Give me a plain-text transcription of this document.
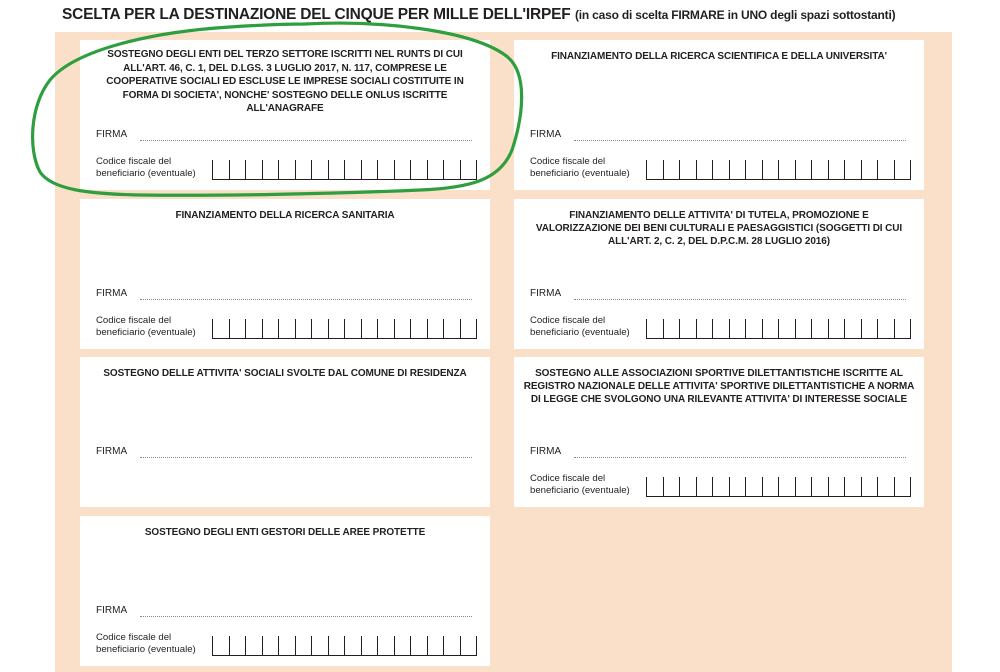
SCELTA PER LA DESTINAZIONE DEL CINQUE PER MILLE DELL'IRPEF (in caso di scelta FIRMARE in UNO degli spazi sottostanti)
SOSTEGNO DEGLI ENTI DEL TERZO SETTORE ISCRITTI NEL RUNTS DI CUI ALL'ART. 46, C. 1, DEL D.LGS. 3 LUGLIO 2017, N. 117, COMPRESE LE COOPERATIVE SOCIALI ED ESCLUSE LE IMPRESE SOCIALI COSTITUITE IN FORMA DI SOCIETA', NONCHE' SOSTEGNO DELLE ONLUS ISCRITTE ALL'ANAGRAFE
FIRMA
Codice fiscale del
beneficiario (eventuale)
FINANZIAMENTO DELLA RICERCA SCIENTIFICA E DELLA UNIVERSITA'
FIRMA
Codice fiscale del
beneficiario (eventuale)
FINANZIAMENTO DELLA RICERCA SANITARIA
FIRMA
Codice fiscale del
beneficiario (eventuale)
FINANZIAMENTO DELLE ATTIVITA' DI TUTELA, PROMOZIONE E VALORIZZAZIONE DEI BENI CULTURALI E PAESAGGISTICI (SOGGETTI DI CUI ALL'ART. 2, C. 2, DEL D.P.C.M. 28 LUGLIO 2016)
FIRMA
Codice fiscale del
beneficiario (eventuale)
SOSTEGNO DELLE ATTIVITA' SOCIALI SVOLTE DAL COMUNE DI RESIDENZA
FIRMA
SOSTEGNO ALLE ASSOCIAZIONI SPORTIVE DILETTANTISTICHE ISCRITTE AL REGISTRO NAZIONALE DELLE ATTIVITA' SPORTIVE DILETTANTISTICHE A NORMA DI LEGGE CHE SVOLGONO UNA RILEVANTE ATTIVITA' DI INTERESSE SOCIALE
FIRMA
Codice fiscale del
beneficiario (eventuale)
SOSTEGNO DEGLI ENTI GESTORI DELLE AREE PROTETTE
FIRMA
Codice fiscale del
beneficiario (eventuale)
